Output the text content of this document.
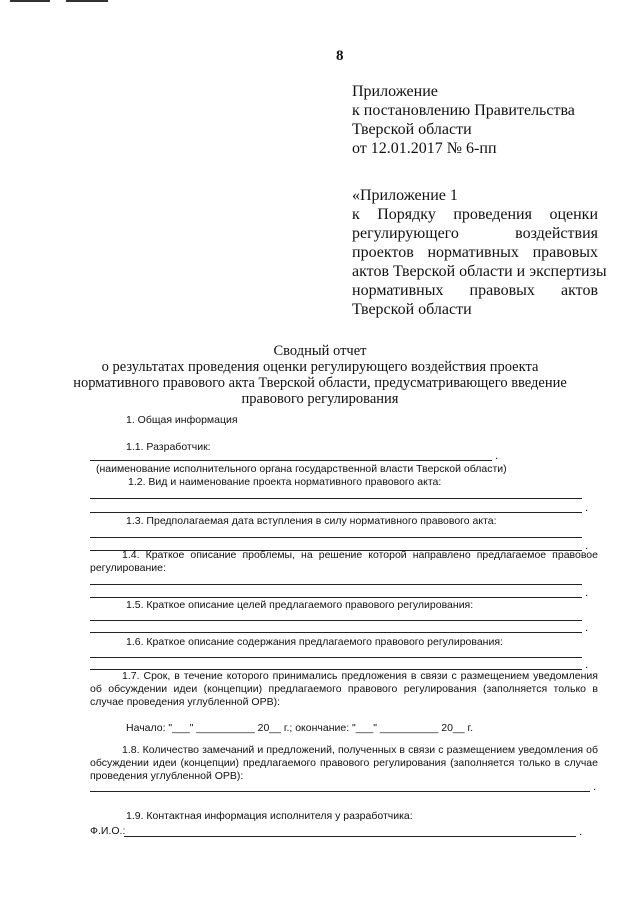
8
Приложение
к постановлению Правительства
Тверской области
от 12.01.2017 № 6-пп
«Приложение 1
к Порядку проведения оценки
регулирующего воздействия
проектов нормативных правовых
актов Тверской области и экспертизы
нормативных правовых актов
Тверской области
Сводный отчет
о результатах проведения оценки регулирующего воздействия проекта
нормативного правового акта Тверской области, предусматривающего введение
правового регулирования
1. Общая информация
1.1. Разработчик:
.
(наименование исполнительного органа государственной власти Тверской области)
1.2. Вид и наименование проекта нормативного правового акта:
.
1.3. Предполагаемая дата вступления в силу нормативного правового акта:
.
1.4. Краткое описание проблемы, на решение которой направлено предлагаемое правовое регулирование:
.
1.5. Краткое описание целей предлагаемого правового регулирования:
.
1.6. Краткое описание содержания предлагаемого правового регулирования:
.
1.7. Срок, в течение которого принимались предложения в связи с размещением уведомления об обсуждении идеи (концепции) предлагаемого правового регулирования (заполняется только в случае проведения углубленной ОРВ):
Начало: "___" __________ 20__ г.; окончание: "___" __________ 20__ г.
1.8. Количество замечаний и предложений, полученных в связи с размещением уведомления об обсуждении идеи (концепции) предлагаемого правового регулирования (заполняется только в случае проведения углубленной ОРВ):
.
1.9. Контактная информация исполнителя у разработчика:
Ф.И.О.:
.
